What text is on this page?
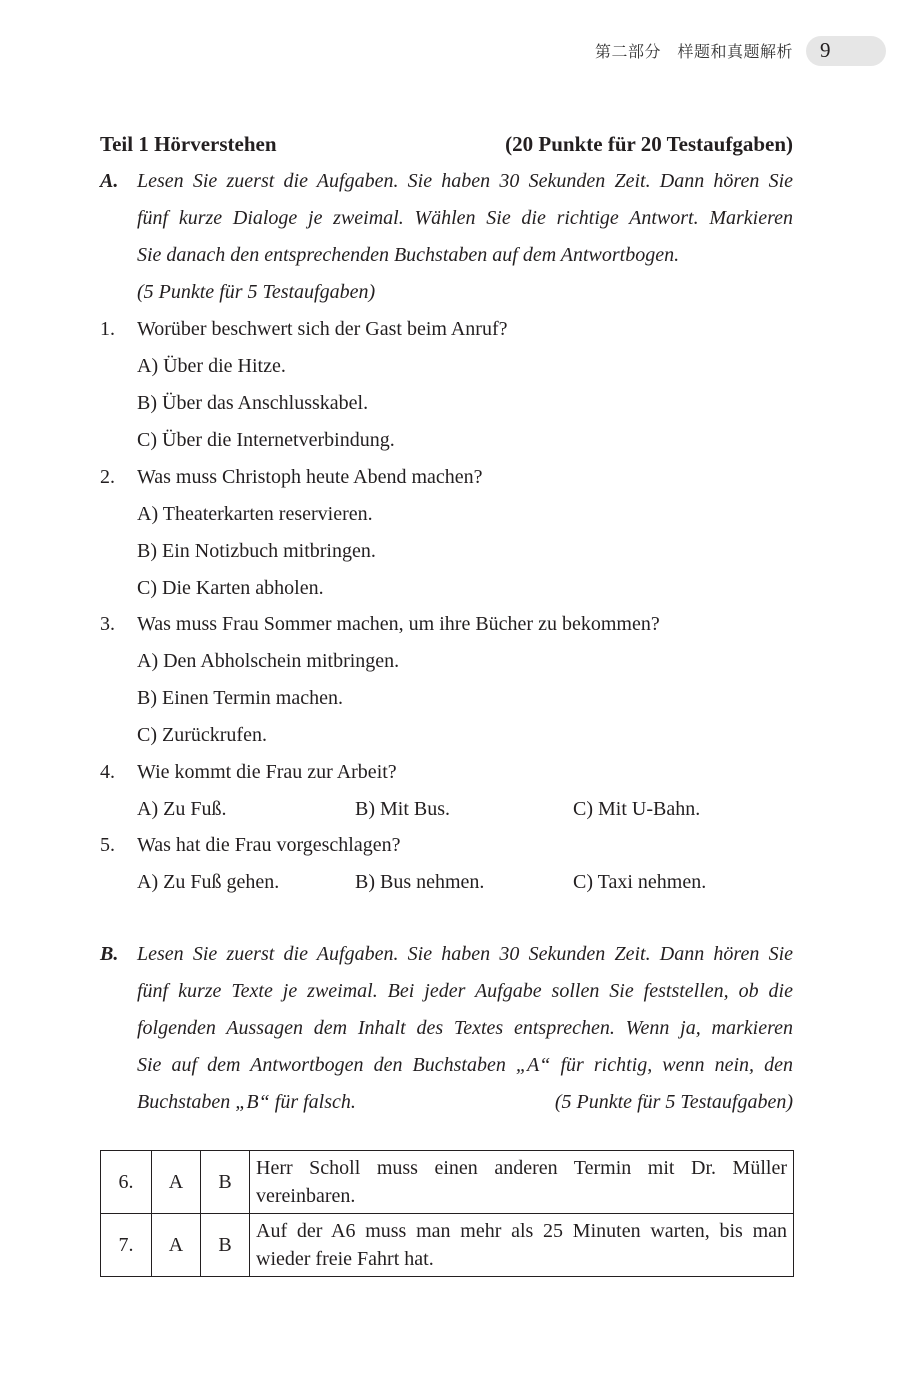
第二部分　样题和真题解析 9
Teil 1 Hörverstehen	(20 Punkte für 20 Testaufgaben)
A. Lesen Sie zuerst die Aufgaben. Sie haben 30 Sekunden Zeit. Dann hören Sie
fünf kurze Dialoge je zweimal. Wählen Sie die richtige Antwort. Markieren
Sie danach den entsprechenden Buchstaben auf dem Antwortbogen.
(5 Punkte für 5 Testaufgaben)
1.	Worüber beschwert sich der Gast beim Anruf?
A) Über die Hitze.
B) Über das Anschlusskabel.
C) Über die Internetverbindung.
2.	Was muss Christoph heute Abend machen?
A) Theaterkarten reservieren.
B) Ein Notizbuch mitbringen.
C) Die Karten abholen.
3.	Was muss Frau Sommer machen, um ihre Bücher zu bekommen?
A) Den Abholschein mitbringen.
B) Einen Termin machen.
C) Zurückrufen.
4.	Wie kommt die Frau zur Arbeit?
A) Zu Fuß.	B) Mit Bus.	C) Mit U-Bahn.
5.	Was hat die Frau vorgeschlagen?
A) Zu Fuß gehen.	B) Bus nehmen.	C) Taxi nehmen.
B. Lesen Sie zuerst die Aufgaben. Sie haben 30 Sekunden Zeit. Dann hören Sie
fünf kurze Texte je zweimal. Bei jeder Aufgabe sollen Sie feststellen, ob die
folgenden Aussagen dem Inhalt des Textes entsprechen. Wenn ja, markieren
Sie auf dem Antwortbogen den Buchstaben „A“ für richtig, wenn nein, den
Buchstaben „B“ für falsch.	(5 Punkte für 5 Testaufgaben)
6.	A	B	Herr Scholl muss einen anderen Termin mit Dr. Müller vereinbaren.
7.	A	B	Auf der A6 muss man mehr als 25 Minuten warten, bis man wieder freie Fahrt hat.
